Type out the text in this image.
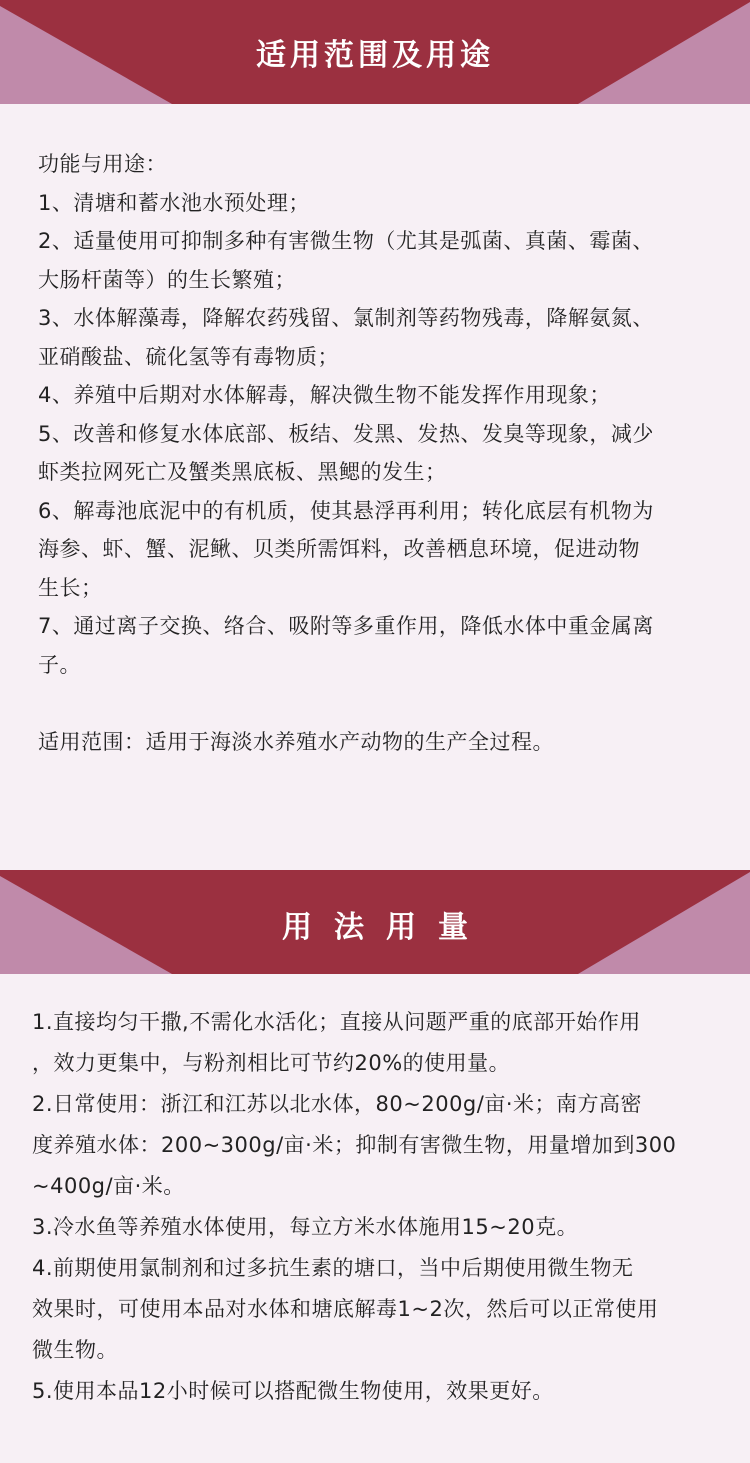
适用范围及用途
功能与用途：
1、清塘和蓄水池水预处理；
2、适量使用可抑制多种有害微生物（尤其是弧菌、真菌、霉菌、
大肠杆菌等）的生长繁殖；
3、水体解藻毒，降解农药残留、氯制剂等药物残毒，降解氨氮、
亚硝酸盐、硫化氢等有毒物质；
4、养殖中后期对水体解毒，解决微生物不能发挥作用现象；
5、改善和修复水体底部、板结、发黑、发热、发臭等现象，减少
虾类拉网死亡及蟹类黑底板、黑鳃的发生；
6、解毒池底泥中的有机质，使其悬浮再利用；转化底层有机物为
海参、虾、蟹、泥鳅、贝类所需饵料，改善栖息环境，促进动物
生长；
7、通过离子交换、络合、吸附等多重作用，降低水体中重金属离
子。
适用范围：适用于海淡水养殖水产动物的生产全过程。
用法用量
1.直接均匀干撒,不需化水活化；直接从问题严重的底部开始作用
，效力更集中，与粉剂相比可节约20%的使用量。
2.日常使用：浙江和江苏以北水体，80~200g/亩·米；南方高密
度养殖水体：200~300g/亩·米；抑制有害微生物，用量增加到300
~400g/亩·米。
3.冷水鱼等养殖水体使用，每立方米水体施用15~20克。
4.前期使用氯制剂和过多抗生素的塘口，当中后期使用微生物无
效果时，可使用本品对水体和塘底解毒1~2次，然后可以正常使用
微生物。
5.使用本品12小时候可以搭配微生物使用，效果更好。
